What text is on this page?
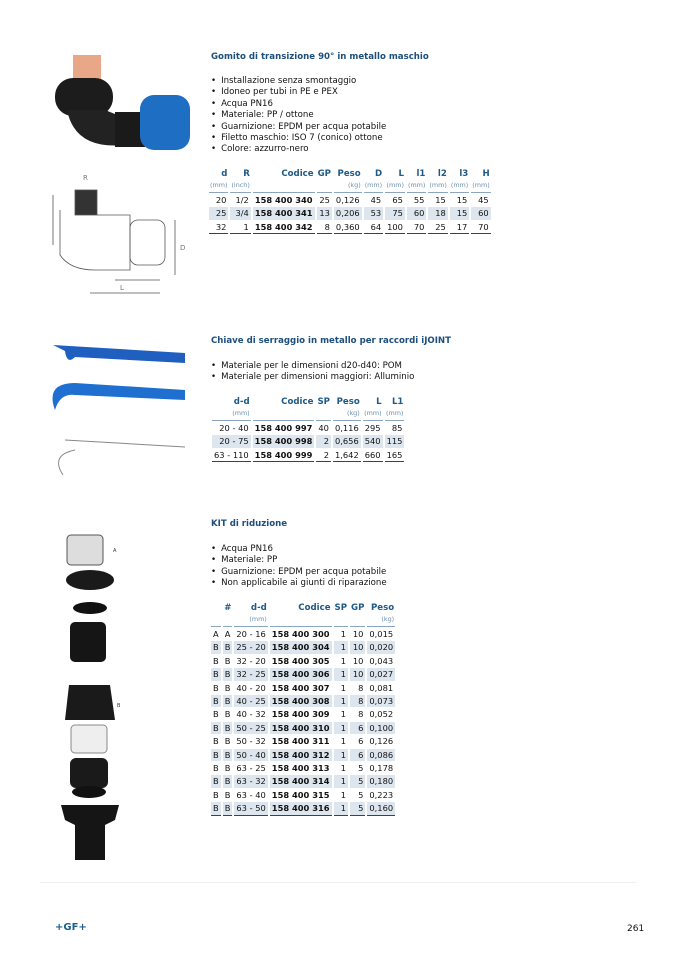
Gomito di transizione 90° in metallo maschio
• Installazione senza smontaggio
• Idoneo per tubi in PE e PEX
• Acqua PN16
• Materiale: PP / ottone
• Guarnizione: EPDM per acqua potabile
• Filetto maschio: ISO 7 (conico) ottone
• Colore: azzurro-nero
d	R	Codice	GP	Peso	D	L	l1	l2	l3	H
(mm)	(inch)			(kg)	(mm)	(mm)	(mm)	(mm)	(mm)	(mm)
20	1/2	158 400 340	25	0,126	45	65	55	15	15	45
25	3/4	158 400 341	13	0,206	53	75	60	18	15	60
32	1	158 400 342	8	0,360	64	100	70	25	17	70
Chiave di serraggio in metallo per raccordi iJOINT
• Materiale per le dimensioni d20-d40: POM
• Materiale per dimensioni maggiori: Alluminio
d-d	Codice	SP	Peso	L	L1
(mm)			(kg)	(mm)	(mm)
20 - 40	158 400 997	40	0,116	295	85
20 - 75	158 400 998	2	0,656	540	115
63 - 110	158 400 999	2	1,642	660	165
KIT di riduzione
• Acqua PN16
• Materiale: PP
• Guarnizione: EPDM per acqua potabile
• Non applicabile ai giunti di riparazione
	#	d-d	Codice	SP	GP	Peso
		(mm)				(kg)
A	A	20 - 16	158 400 300	1	10	0,015
B	B	25 - 20	158 400 304	1	10	0,020
B	B	32 - 20	158 400 305	1	10	0,043
B	B	32 - 25	158 400 306	1	10	0,027
B	B	40 - 20	158 400 307	1	8	0,081
B	B	40 - 25	158 400 308	1	8	0,073
B	B	40 - 32	158 400 309	1	8	0,052
B	B	50 - 25	158 400 310	1	6	0,100
B	B	50 - 32	158 400 311	1	6	0,126
B	B	50 - 40	158 400 312	1	6	0,086
B	B	63 - 25	158 400 313	1	5	0,178
B	B	63 - 32	158 400 314	1	5	0,180
B	B	63 - 40	158 400 315	1	5	0,223
B	B	63 - 50	158 400 316	1	5	0,160
R
D
L
A
B
+GF+	261
